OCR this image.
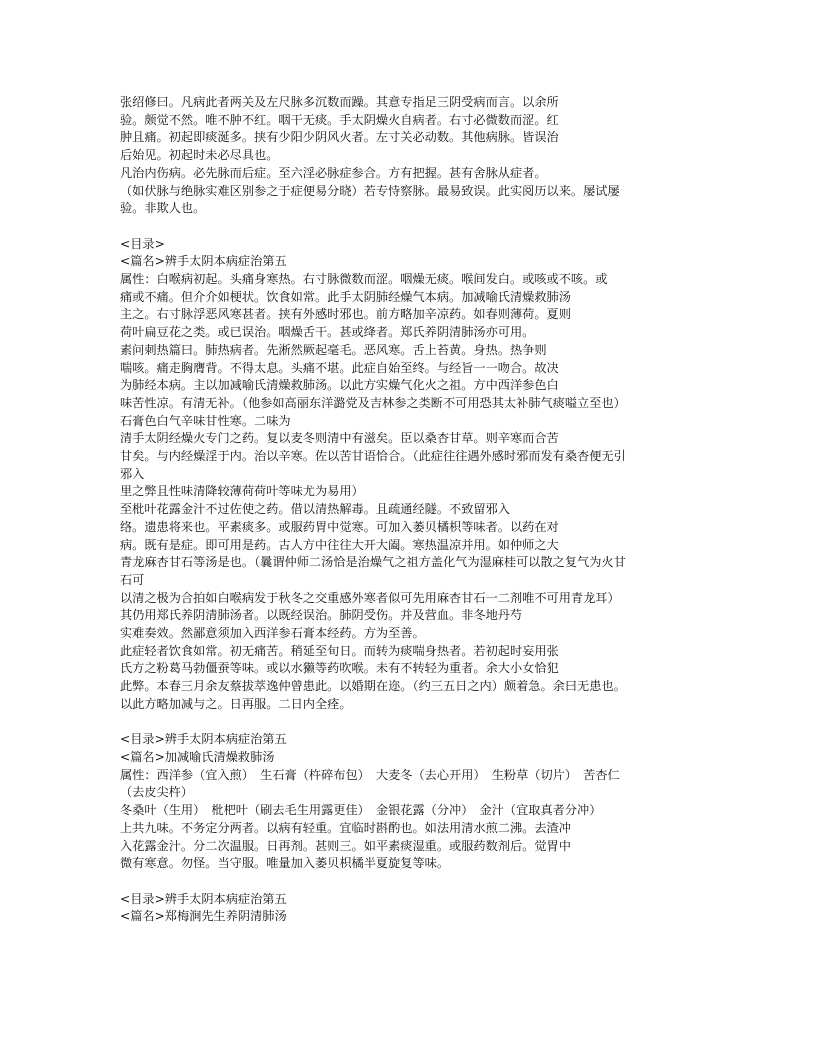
张绍修曰。凡病此者两关及左尺脉多沉数而躁。其意专指足三阴受病而言。以余所
验。颇觉不然。唯不肿不红。咽干无痰。手太阴燥火自病者。右寸必微数而涩。红
肿且痛。初起即痰涎多。挟有少阳少阴风火者。左寸关必动数。其他病脉。皆误治
后始见。初起时未必尽具也。
凡治内伤病。必先脉而后症。至六淫必脉症参合。方有把握。甚有舍脉从症者。
（如伏脉与绝脉实难区别参之于症便易分晓）若专恃察脉。最易致误。此实阅历以来。屡试屡
验。非欺人也。
<目录>
<篇名>辨手太阴本病症治第五
属性：白喉病初起。头痛身寒热。右寸脉微数而涩。咽燥无痰。喉间发白。或咳或不咳。或
痛或不痛。但介介如梗状。饮食如常。此手太阴肺经燥气本病。加减喻氏清燥救肺汤
主之。右寸脉浮恶风寒甚者。挟有外感时邪也。前方略加辛凉药。如春则薄荷。夏则
荷叶扁豆花之类。或已误治。咽燥舌干。甚或绛者。郑氏养阴清肺汤亦可用。
素问刺热篇曰。肺热病者。先淅然厥起毫毛。恶风寒。舌上苔黄。身热。热争则
喘咳。痛走胸膺背。不得太息。头痛不堪。此症自始至终。与经旨一一吻合。故决
为肺经本病。主以加减喻氏清燥救肺汤。以此方实燥气化火之祖。方中西洋参色白
味苦性凉。有清无补。（他参如高丽东洋潞党及吉林参之类断不可用恐其太补肺气痰嗌立至也）
石膏色白气辛味甘性寒。二味为
清手太阴经燥火专门之药。复以麦冬则清中有滋矣。臣以桑杏甘草。则辛寒而合苦
甘矣。与内经燥淫于内。治以辛寒。佐以苦甘语恰合。（此症往往遇外感时邪而发有桑杏便无引
邪入
里之弊且性味清降较薄荷荷叶等味尤为易用）
至枇叶花露金汁不过佐使之药。借以清热解毒。且疏通经隧。不致留邪入
络。遗患将来也。平素痰多。或服药胃中觉寒。可加入萎贝橘枳等味者。以药在对
病。既有是症。即可用是药。古人方中往往大开大阖。寒热温凉并用。如仲师之大
青龙麻杏甘石等汤是也。（曩谓仲师二汤恰是治燥气之祖方盖化气为湿麻桂可以散之复气为火甘
石可
以清之极为合拍如白喉病发于秋冬之交重感外寒者似可先用麻杏甘石一二剂唯不可用青龙耳）
其仍用郑氏养阴清肺汤者。以既经误治。肺阴受伤。并及营血。非冬地丹芍
实难奏效。然鄙意须加入西洋参石膏本经药。方为至善。
此症轻者饮食如常。初无痛苦。稍延至旬日。而转为痰喘身热者。若初起时妄用张
氏方之粉葛马勃僵蚕等味。或以水獭等药吹喉。未有不转轻为重者。余大小女恰犯
此弊。本春三月余友蔡拔萃逸仲曾患此。以婚期在迩。（约三五日之内）颇着急。余曰无患也。
以此方略加减与之。日再服。二日内全痊。
<目录>辨手太阴本病症治第五
<篇名>加减喻氏清燥救肺汤
属性：西洋参（宜入煎）　生石膏（杵碎布包）　大麦冬（去心开用）　生粉草（切片）　苦杏仁
（去皮尖杵）
冬桑叶（生用）　枇杷叶（刷去毛生用露更佳）　金银花露（分冲）　金汁（宜取真者分冲）
上共九味。不务定分两者。以病有轻重。宜临时斟酌也。如法用清水煎二沸。去渣冲
入花露金汁。分二次温服。日再剂。甚则三。如平素痰湿重。或服药数剂后。觉胃中
微有寒意。勿怪。当守服。唯量加入萎贝枳橘半夏旋复等味。
<目录>辨手太阴本病症治第五
<篇名>郑梅涧先生养阴清肺汤
